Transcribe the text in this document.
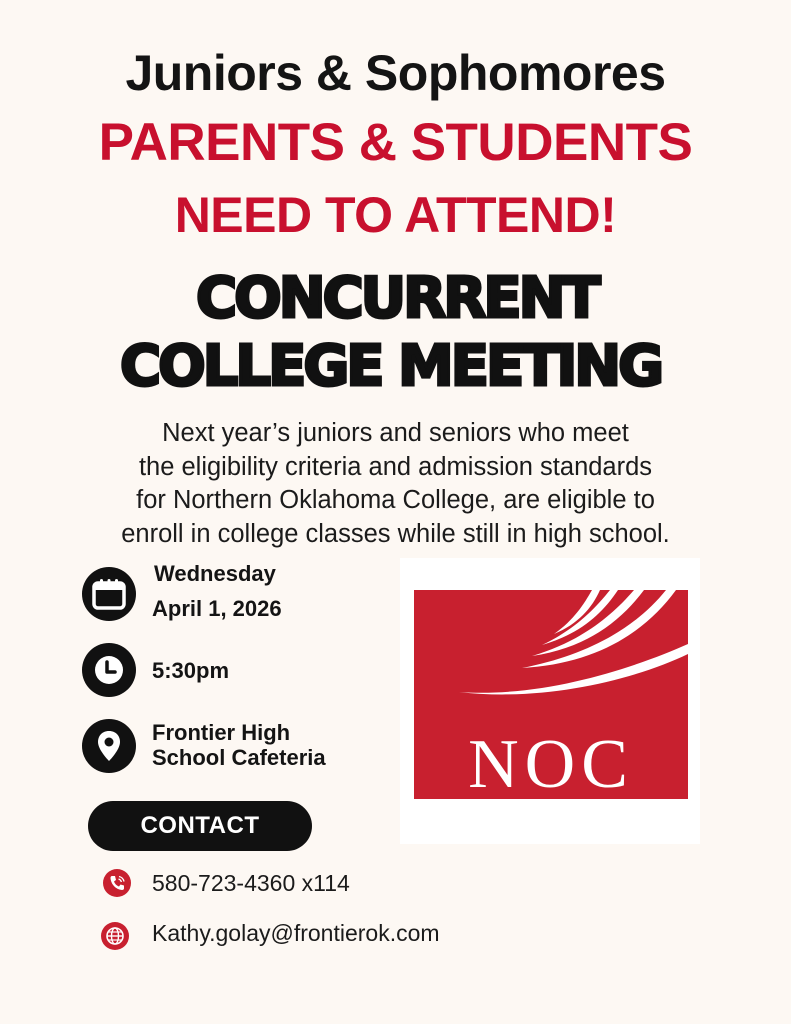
Juniors & Sophomores
PARENTS & STUDENTS
NEED TO ATTEND!
CONCURRENT
COLLEGE MEETING

Next year’s juniors and seniors who meet
the eligibility criteria and admission standards
for Northern Oklahoma College, are eligible to
enroll in college classes while still in high school.

Wednesday

April 1, 2026

5:30pm

Frontier High

School Cafeteria	NOC
CONTACT

580-723-4360 x114

Kathy.golay@frontierok.com
